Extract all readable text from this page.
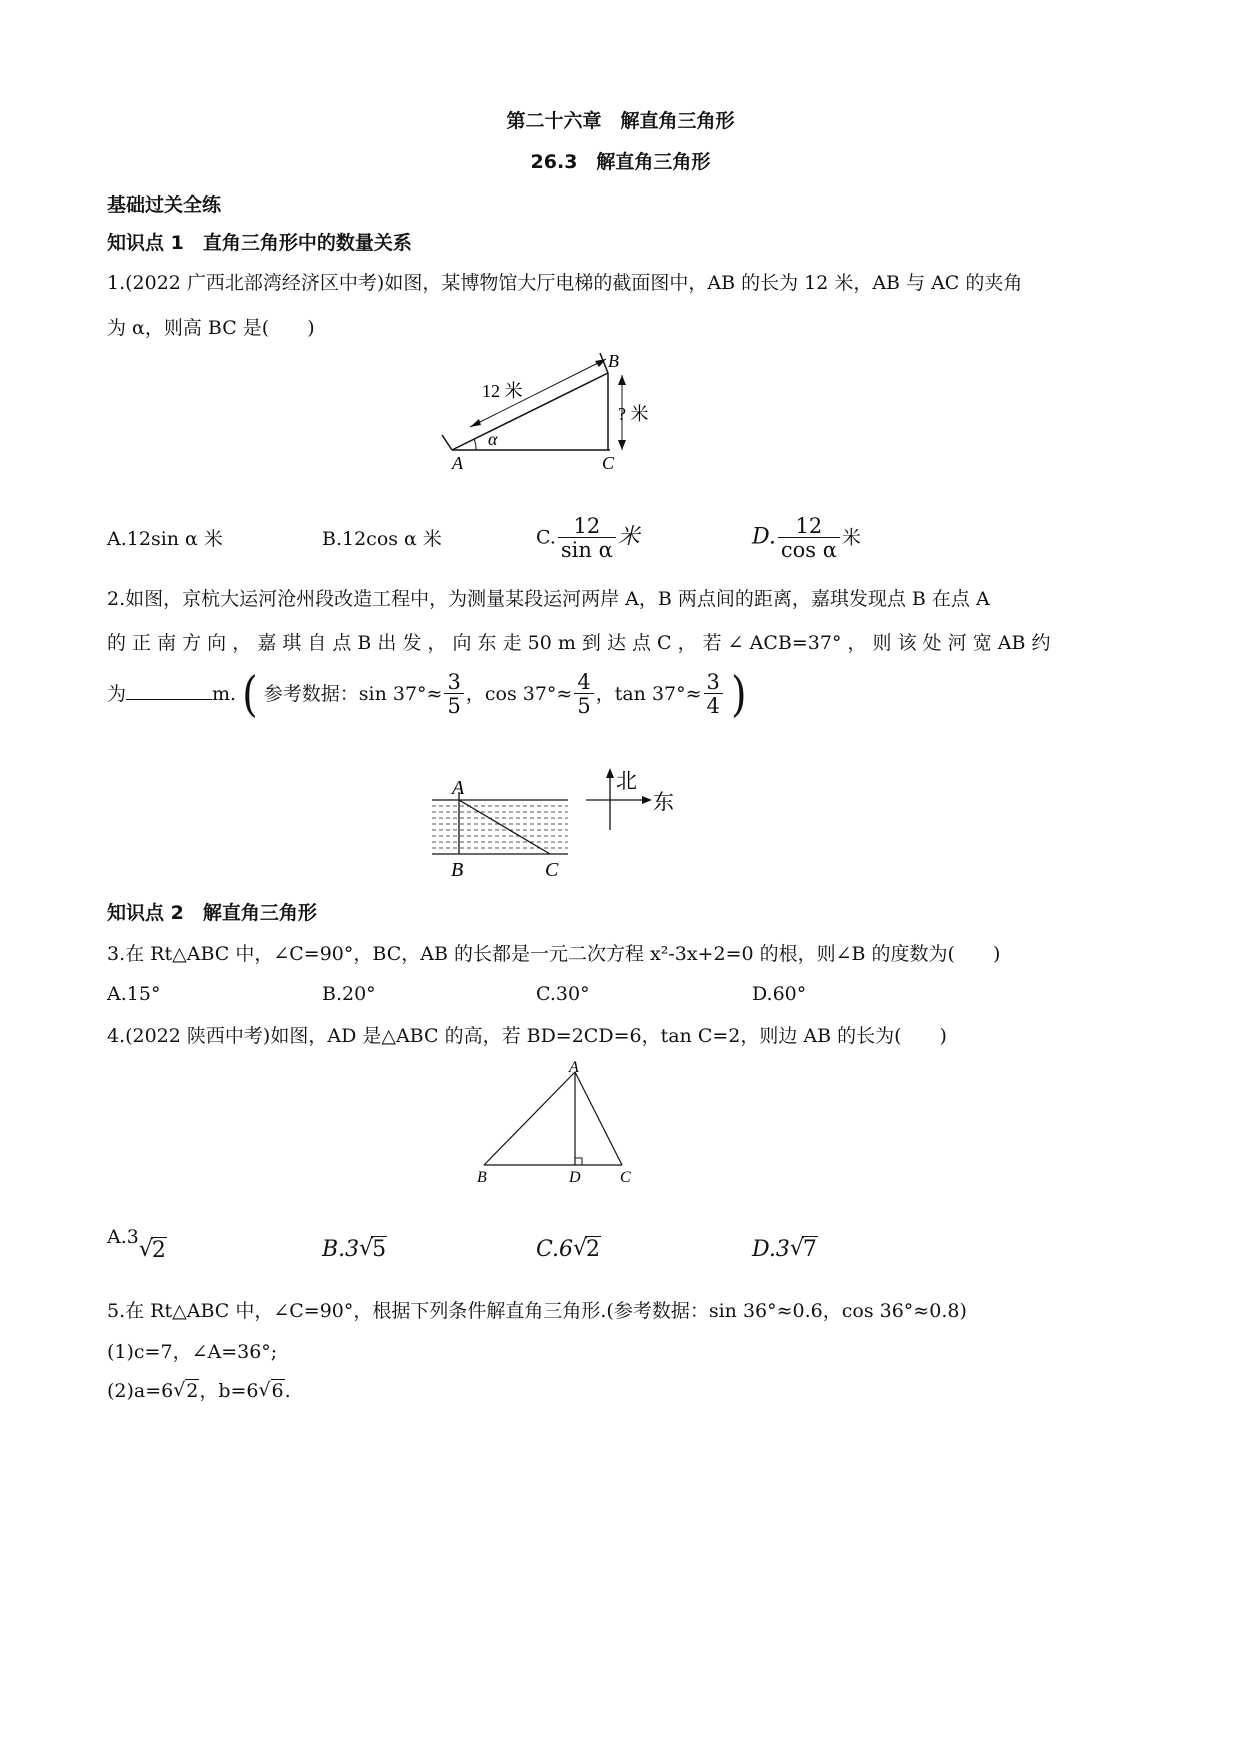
第二十六章　解直角三角形
26.3　解直角三角形
基础过关全练
知识点 1　直角三角形中的数量关系
1.(2022 广西北部湾经济区中考)如图，某博物馆大厅电梯的截面图中，AB 的长为 12 米，AB 与 AC 的夹角
为 α，则高 BC 是(　　)
12 米
? 米
α
A
B
C
A.12sin α 米	B.12cos α 米	C. $\frac{12}{\text{sin α}}$ 米	D. $\frac{12}{\text{cos α}}$ 米
2.如图，京杭大运河沧州段改造工程中，为测量某段运河两岸 A，B 两点间的距离，嘉琪发现点 B 在点 A
的 正 南 方 向 ， 嘉 琪 自 点 B 出 发 ， 向 东 走 50 m 到 达 点 C ， 若 ∠ ACB=37° ， 则 该 处 河 宽 AB 约
为	m. ( 参考数据：$\sin 37^\circ\approx \frac{3}{5}$ ，$\cos 37^\circ\approx \frac{4}{5}$ ，$\tan 37^\circ\approx \frac{3}{4}$ )
A
B	C
北
东
知识点 2　解直角三角形
3.在 Rt△ABC 中，∠C=90°，BC，AB 的长都是一元二次方程 x²-3x+2=0 的根，则∠B 的度数为(　　)
A.15°	B.20°	C.30°	D.60°
4.(2022 陕西中考)如图，AD 是△ABC 的高，若 BD=2CD=6，tan C=2，则边 AB 的长为(　　)
A
B	D C
A.3√ 2	B.3 √ 5	C.6 √ 2	D.3 √ 7
5.在 Rt△ABC 中，∠C=90°，根据下列条件解直角三角形.(参考数据：sin 36°≈0.6，cos 36°≈0.8)
(1)c=7，∠A=36°;
(2)a=6 √ 2，b=6 √ 6.
